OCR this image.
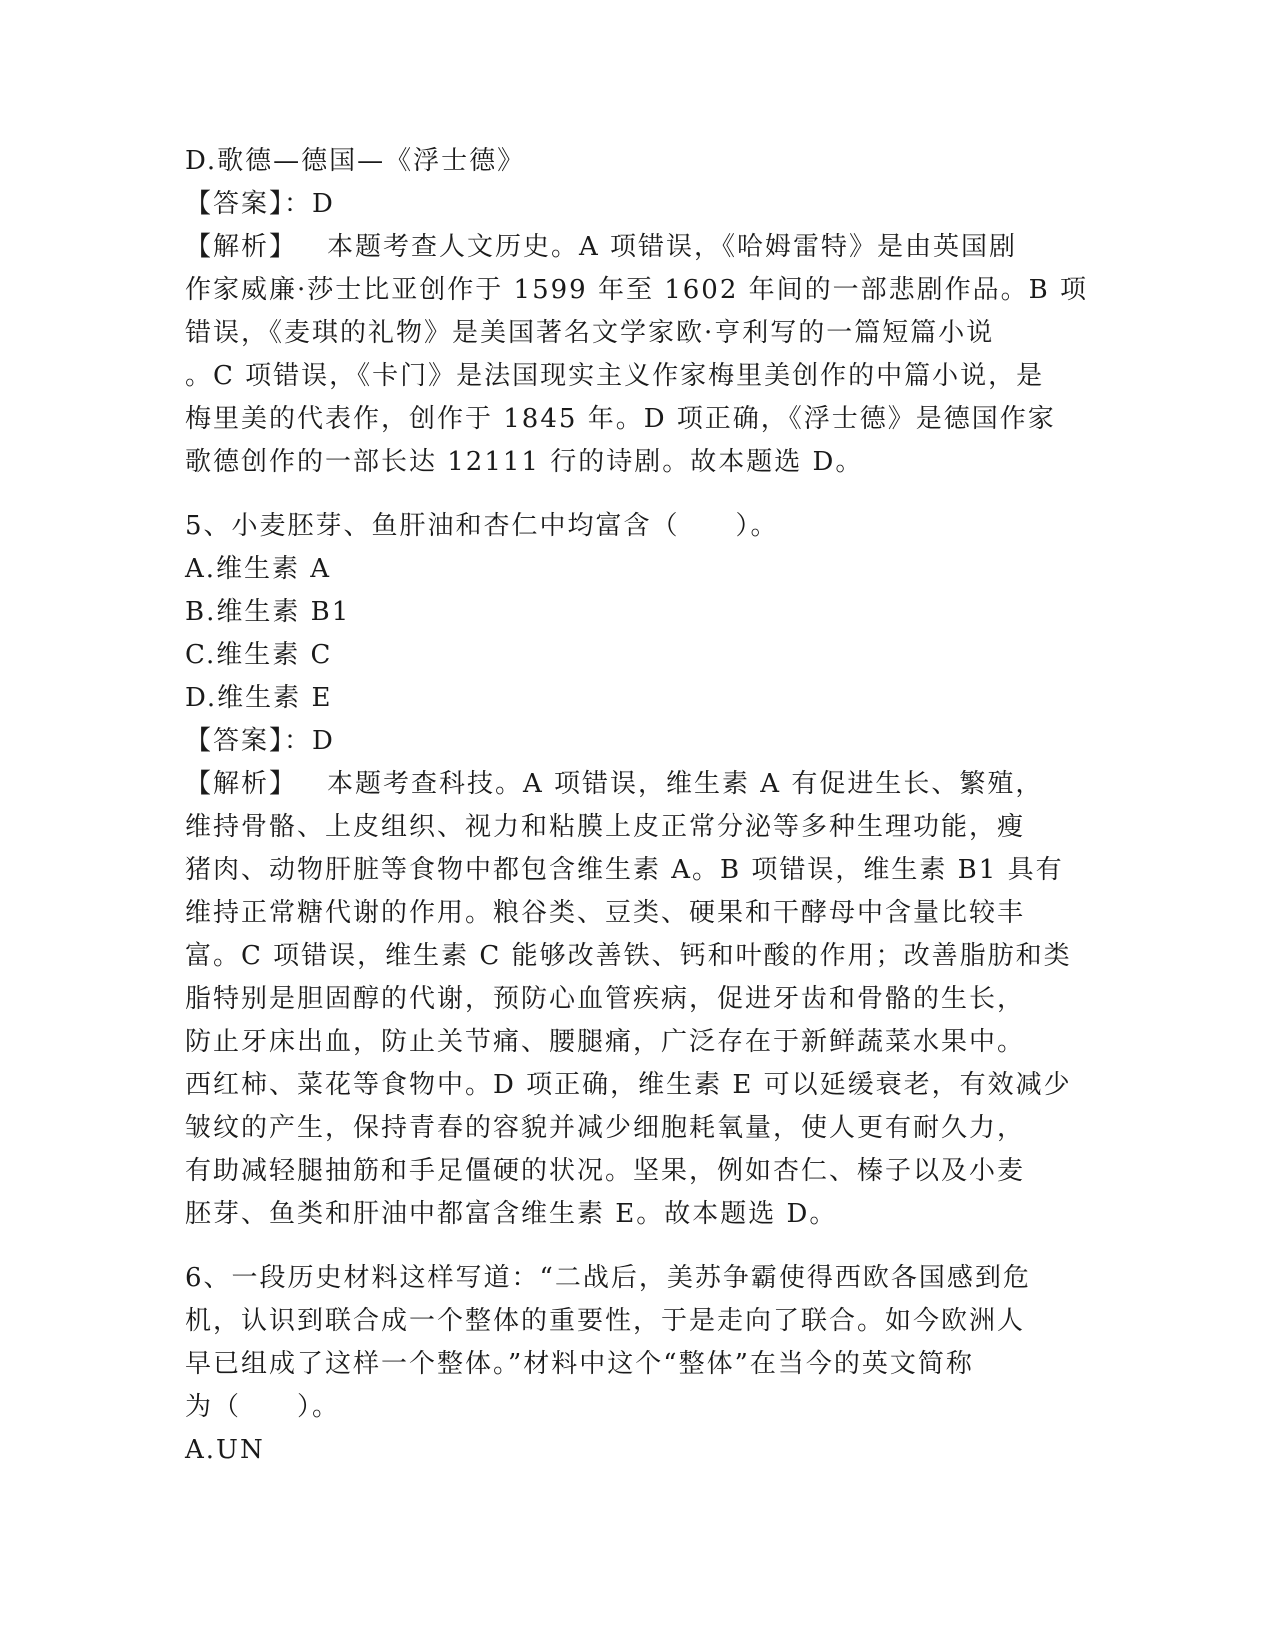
D.歌德—德国—《浮士德》
【答案】：D
【解析】 本题考查人文历史。A 项错误，《哈姆雷特》是由英国剧
作家威廉·莎士比亚创作于 1599 年至 1602 年间的一部悲剧作品。B 项
错误，《麦琪的礼物》是美国著名文学家欧·亨利写的一篇短篇小说
。C 项错误，《卡门》是法国现实主义作家梅里美创作的中篇小说，是
梅里美的代表作，创作于 1845 年。D 项正确，《浮士德》是德国作家
歌德创作的一部长达 12111 行的诗剧。故本题选 D。
5、小麦胚芽、鱼肝油和杏仁中均富含（　　）。
A.维生素 A
B.维生素 B1
C.维生素 C
D.维生素 E
【答案】：D
【解析】 本题考查科技。A 项错误，维生素 A 有促进生长、繁殖，
维持骨骼、上皮组织、视力和粘膜上皮正常分泌等多种生理功能，瘦
猪肉、动物肝脏等食物中都包含维生素 A。B 项错误，维生素 B1 具有
维持正常糖代谢的作用。粮谷类、豆类、硬果和干酵母中含量比较丰
富。C 项错误，维生素 C 能够改善铁、钙和叶酸的作用；改善脂肪和类
脂特别是胆固醇的代谢，预防心血管疾病，促进牙齿和骨骼的生长，
防止牙床出血，防止关节痛、腰腿痛，广泛存在于新鲜蔬菜水果中。
西红柿、菜花等食物中。D 项正确，维生素 E 可以延缓衰老，有效减少
皱纹的产生，保持青春的容貌并减少细胞耗氧量，使人更有耐久力，
有助减轻腿抽筋和手足僵硬的状况。坚果，例如杏仁、榛子以及小麦
胚芽、鱼类和肝油中都富含维生素 E。故本题选 D。
6、一段历史材料这样写道：“二战后，美苏争霸使得西欧各国感到危
机，认识到联合成一个整体的重要性，于是走向了联合。如今欧洲人
早已组成了这样一个整体。”材料中这个“整体”在当今的英文简称
为（　　）。
A.UN
